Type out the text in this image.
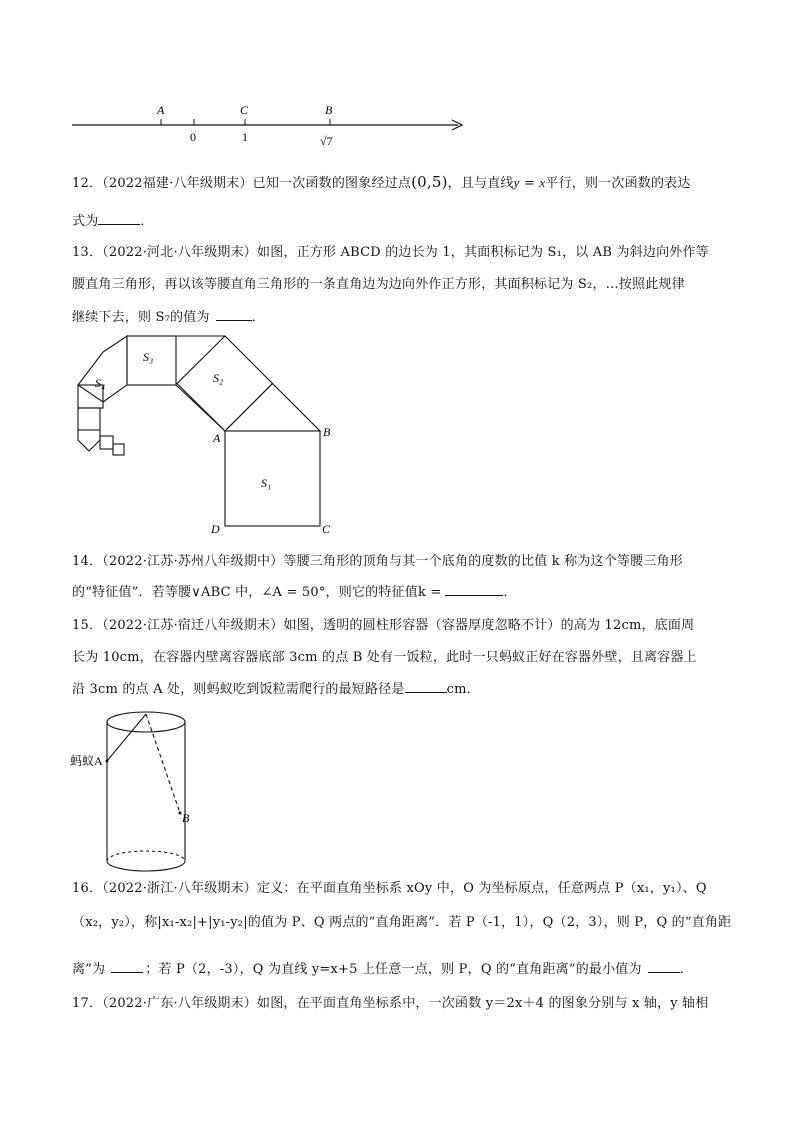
A	C	B
0	1	√7
12．（2022福建·八年级期末）已知一次函数的图象经过点(0,5)，且与直线y = x平行，则一次函数的表达
式为	．
13．（2022·河北·八年级期末）如图，正方形 ABCD 的边长为 1，其面积标记为 S₁，以 AB 为斜边向外作等
腰直角三角形，再以该等腰直角三角形的一条直角边为边向外作正方形，其面积标记为 S₂，…按照此规律
继续下去，则 S₇的值为	．
S₃
S₂
S₄
S₁
A	B
D	C
14．（2022·江苏·苏州八年级期中）等腰三角形的顶角与其一个底角的度数的比值 k 称为这个等腰三角形
的“特征值”．若等腰∨ABC 中，∠A = 50°，则它的特征值k =	．
15．（2022·江苏·宿迁八年级期末）如图，透明的圆柱形容器（容器厚度忽略不计）的高为 12cm，底面周
长为 10cm，在容器内壁离容器底部 3cm 的点 B 处有一饭粒，此时一只蚂蚁正好在容器外壁，且离容器上
沿 3cm 的点 A 处，则蚂蚁吃到饭粒需爬行的最短路径是	cm．
蚂蚁A
B
16．（2022·浙江·八年级期末）定义：在平面直角坐标系 xOy 中，O 为坐标原点，任意两点 P（x₁，y₁）、Q
（x₂，y₂），称|x₁-x₂|+|y₁-y₂|的值为 P、Q 两点的“直角距离”．若 P（-1，1），Q（2，3），则 P，Q 的“直角距
离”为	；若 P（2，-3），Q 为直线 y=x+5 上任意一点，则 P，Q 的“直角距离”的最小值为	．
17．（2022·广东·八年级期末）如图，在平面直角坐标系中，一次函数 y＝2x＋4 的图象分别与 x 轴，y 轴相
